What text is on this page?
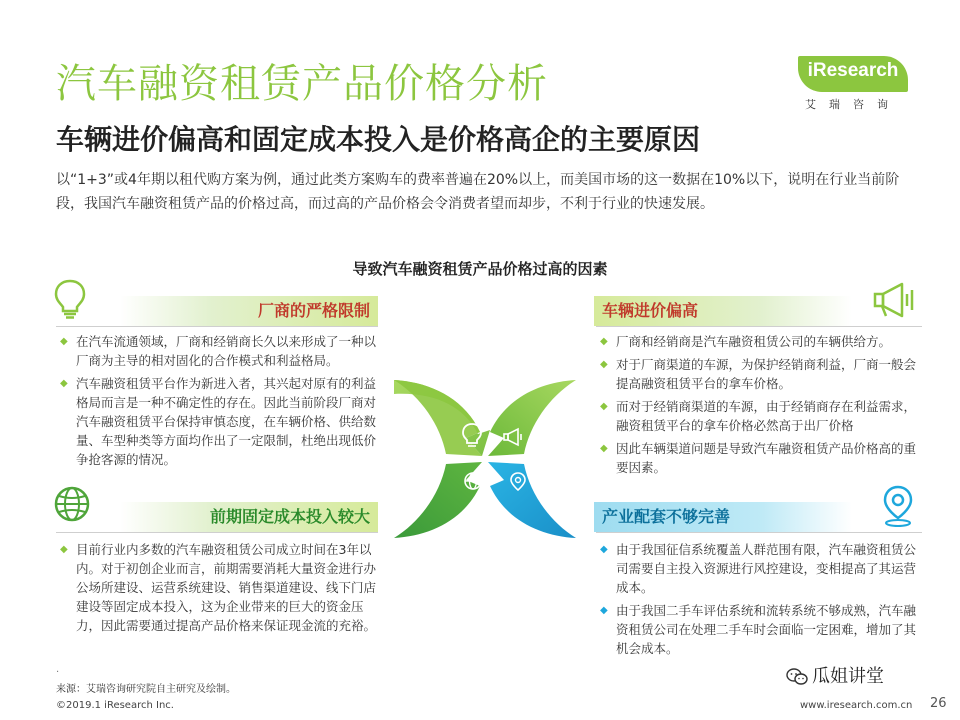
汽车融资租赁产品价格分析
车辆进价偏高和固定成本投入是价格高企的主要原因
iResearch
艾瑞咨询
以“1+3”或4年期以租代购方案为例，通过此类方案购车的费率普遍在20%以上，而美国市场的这一数据在10%以下，说明在行业当前阶段，我国汽车融资租赁产品的价格过高，而过高的产品价格会令消费者望而却步，不利于行业的快速发展。
导致汽车融资租赁产品价格过高的因素
厂商的严格限制
◆ 在汽车流通领域，厂商和经销商长久以来形成了一种以厂商为主导的相对固化的合作模式和利益格局。
◆ 汽车融资租赁平台作为新进入者，其兴起对原有的利益格局而言是一种不确定性的存在。因此当前阶段厂商对汽车融资租赁平台保持审慎态度，在车辆价格、供给数量、车型种类等方面均作出了一定限制，杜绝出现低价争抢客源的情况。
车辆进价偏高
◆ 厂商和经销商是汽车融资租赁公司的车辆供给方。
◆ 对于厂商渠道的车源，为保护经销商利益，厂商一般会提高融资租赁平台的拿车价格。
◆ 而对于经销商渠道的车源，由于经销商存在利益需求，融资租赁平台的拿车价格必然高于出厂价格
◆ 因此车辆渠道问题是导致汽车融资租赁产品价格高的重要因素。
前期固定成本投入较大
◆ 目前行业内多数的汽车融资租赁公司成立时间在3年以内。对于初创企业而言，前期需要消耗大量资金进行办公场所建设、运营系统建设、销售渠道建设、线下门店建设等固定成本投入，这为企业带来的巨大的资金压力，因此需要通过提高产品价格来保证现金流的充裕。
产业配套不够完善
◆ 由于我国征信系统覆盖人群范围有限，汽车融资租赁公司需要自主投入资源进行风控建设，变相提高了其运营成本。
◆ 由于我国二手车评估系统和流转系统不够成熟，汽车融资租赁公司在处理二手车时会面临一定困难，增加了其机会成本。
.
来源：艾瑞咨询研究院自主研究及绘制。
©2019.1 iResearch Inc.
瓜姐讲堂
www.iresearch.com.cn 26
